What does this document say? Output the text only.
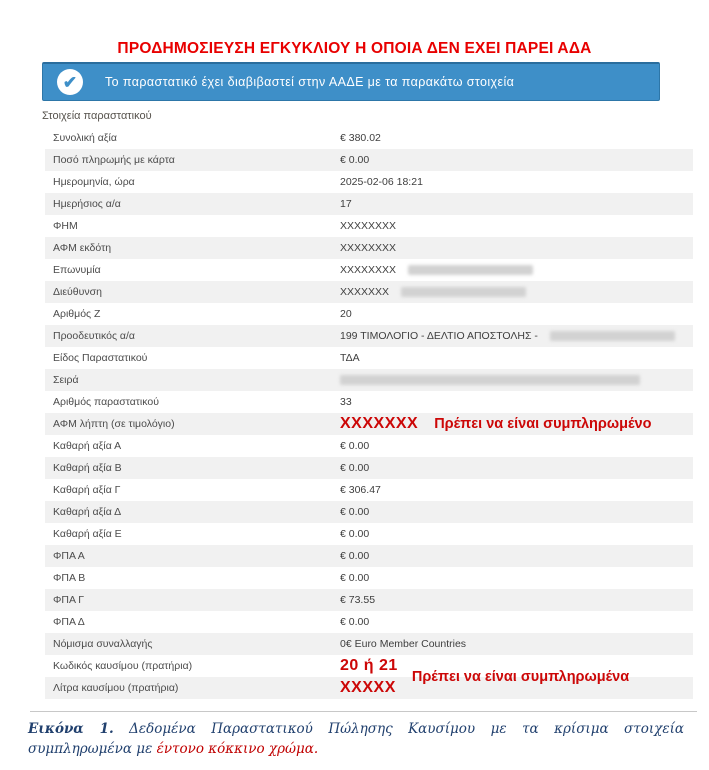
ΠΡΟΔΗΜΟΣΙΕΥΣΗ ΕΓΚΥΚΛΙΟΥ Η ΟΠΟΙΑ ΔΕΝ ΕΧΕΙ ΠΑΡΕΙ ΑΔΑ
✔ Το παραστατικό έχει διαβιβαστεί στην ΑΑΔΕ με τα παρακάτω στοιχεία
Στοιχεία παραστατικού
Συνολική αξία	€ 380.02
Ποσό πληρωμής με κάρτα	€ 0.00
Ημερομηνία, ώρα	2025-02-06 18:21
Ημερήσιος α/α	17
ΦΗΜ	XXXXXXXX
ΑΦΜ εκδότη	XXXXXXXX
Επωνυμία	XXXXXXXX
Διεύθυνση	XXXXXXX
Αριθμός Ζ	20
Προοδευτικός α/α	199 ΤΙΜΟΛΟΓΙΟ - ΔΕΛΤΙΟ ΑΠΟΣΤΟΛΗΣ -
Είδος Παραστατικού	ΤΔΑ
Σειρά
Αριθμός παραστατικού	33
ΑΦΜ λήπτη (σε τιμολόγιο)	XXXXXXX Πρέπει να είναι συμπληρωμένο
Καθαρή αξία Α	€ 0.00
Καθαρή αξία Β	€ 0.00
Καθαρή αξία Γ	€ 306.47
Καθαρή αξία Δ	€ 0.00
Καθαρή αξία Ε	€ 0.00
ΦΠΑ Α	€ 0.00
ΦΠΑ Β	€ 0.00
ΦΠΑ Γ	€ 73.55
ΦΠΑ Δ	€ 0.00
Νόμισμα συναλλαγής	0€ Euro Member Countries
Κωδικός καυσίμου (πρατήρια)	20 ή 21
Λίτρα καυσίμου (πρατήρια)	XXXXX
Πρέπει να είναι συμπληρωμένα
Εικόνα 1. Δεδομένα Παραστατικού Πώλησης Καυσίμου με τα κρίσιμα στοιχεία συμπληρωμένα με έντονο κόκκινο χρώμα.
